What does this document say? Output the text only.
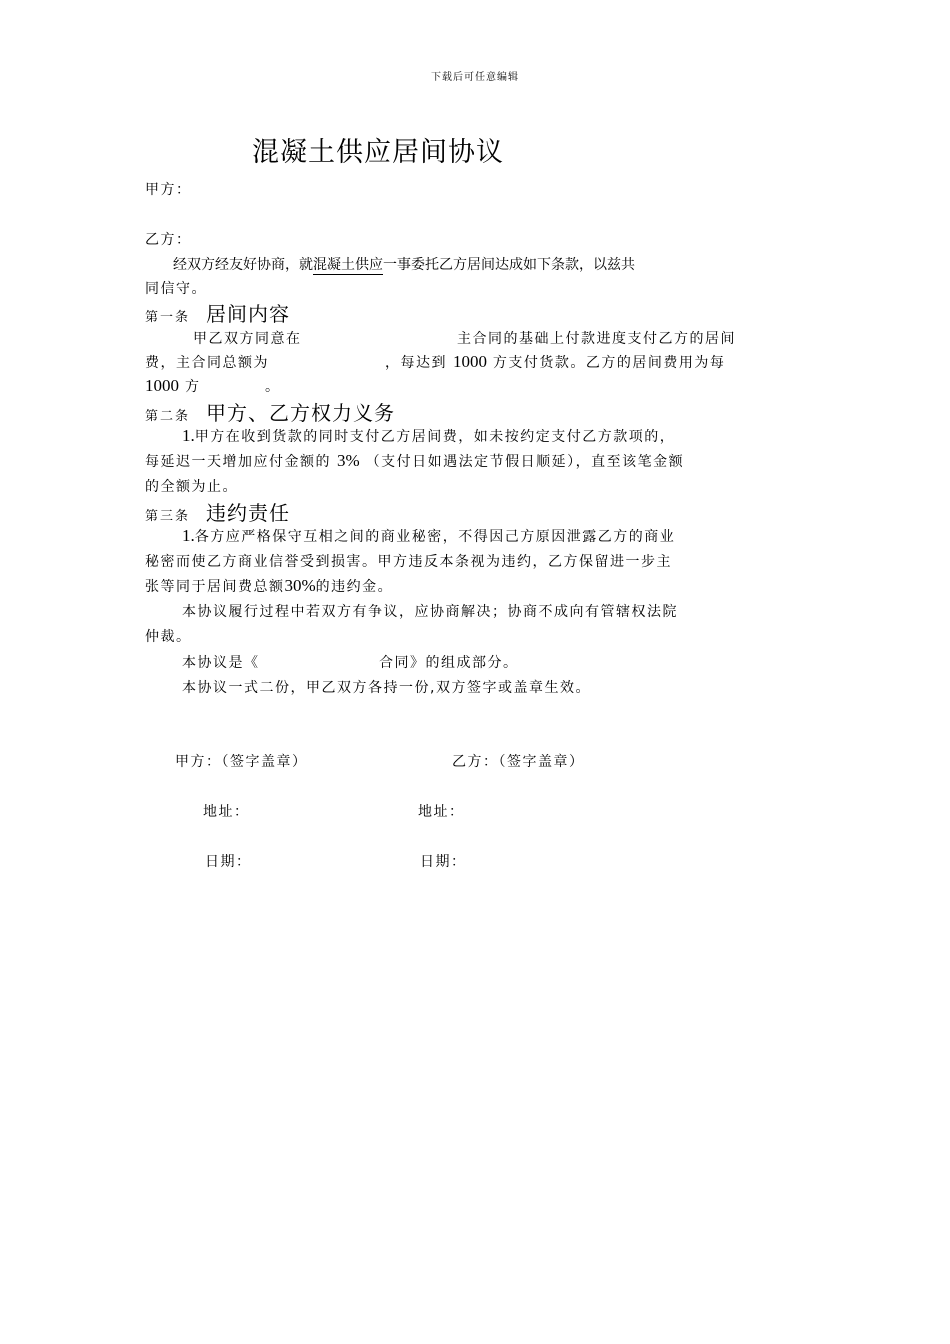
下载后可任意编辑
混凝土供应居间协议
甲方：
乙方：
经双方经友好协商，就混凝土供应一事委托乙方居间达成如下条款，以兹共
同信守。
第一条 居间内容
甲乙双方同意在	主合同的基础上付款进度支付乙方的居间
费，主合同总额为	，每达到 1000 方支付货款。乙方的居间费用为每
1000 方	。
第二条 甲方、乙方权力义务
1.甲方在收到货款的同时支付乙方居间费，如未按约定支付乙方款项的，
每延迟一天增加应付金额的 3% （支付日如遇法定节假日顺延），直至该笔金额
的全额为止。
第三条 违约责任
1.各方应严格保守互相之间的商业秘密，不得因己方原因泄露乙方的商业
秘密而使乙方商业信誉受到损害。甲方违反本条视为违约，乙方保留进一步主
张等同于居间费总额30%的违约金。
本协议履行过程中若双方有争议，应协商解决；协商不成向有管辖权法院
仲裁。
本协议是《	合同》的组成部分。
本协议一式二份，甲乙双方各持一份,双方签字或盖章生效。
甲方：（签字盖章）	乙方：（签字盖章）
地址：	地址：
日期：	日期：
